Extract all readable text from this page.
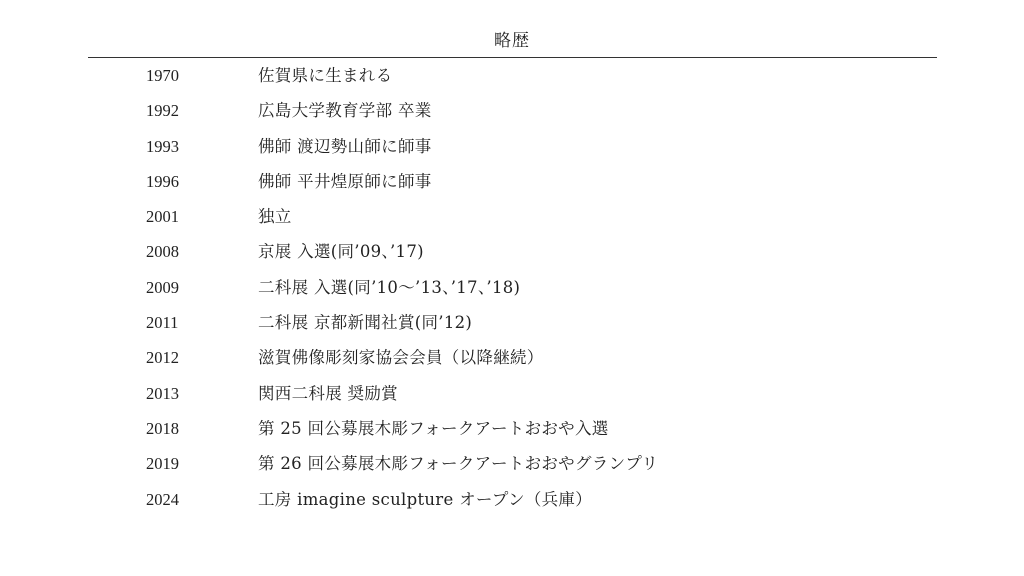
略歴
1970	佐賀県に生まれる
1992	広島大学教育学部 卒業
1993	佛師 渡辺勢山師に師事
1996	佛師 平井煌原師に師事
2001	独立
2008	京展 入選(同’09、’17)
2009	二科展 入選(同’10〜’13、’17、’18)
2011	二科展 京都新聞社賞(同’12)
2012	滋賀佛像彫刻家協会会員（以降継続）
2013	関西二科展 奨励賞
2018	第 25 回公募展木彫フォークアートおおや入選
2019	第 26 回公募展木彫フォークアートおおやグランプリ
2024	工房 imagine sculpture オープン（兵庫）
